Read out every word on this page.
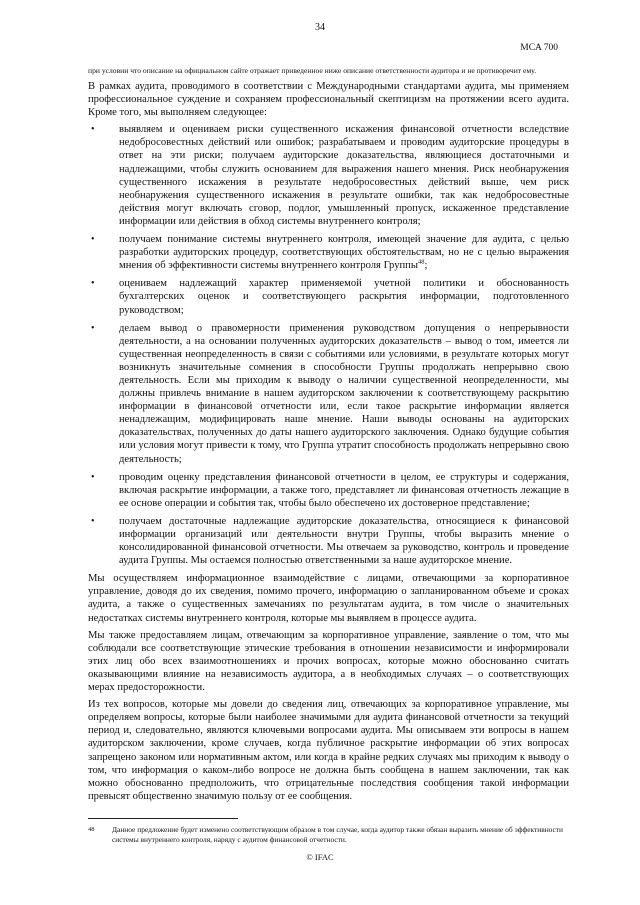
34
MCA 700

при условии что описание на официальном сайте отражает приведенное ниже описание ответственности аудитора и не противоречит ему.

В рамках аудита, проводимого в соответствии с Международными стандартами аудита, мы применяем профессиональное суждение и сохраняем профессиональный скептицизм на протяжении всего аудита. Кроме того, мы выполняем следующее:

• выявляем и оцениваем риски существенного искажения финансовой отчетности вследствие недобросовестных действий или ошибок; разрабатываем и проводим аудиторские процедуры в ответ на эти риски; получаем аудиторские доказательства, являющиеся достаточными и надлежащими, чтобы служить основанием для выражения нашего мнения. Риск необнаружения существенного искажения в результате недобросовестных действий выше, чем риск необнаружения существенного искажения в результате ошибки, так как недобросовестные действия могут включать сговор, подлог, умышленный пропуск, искаженное представление информации или действия в обход системы внутреннего контроля;
• получаем понимание системы внутреннего контроля, имеющей значение для аудита, с целью разработки аудиторских процедур, соответствующих обстоятельствам, но не с целью выражения мнения об эффективности системы внутреннего контроля Группы$^{48}$;
• оцениваем надлежащий характер применяемой учетной политики и обоснованность бухгалтерских оценок и соответствующего раскрытия информации, подготовленного руководством;
• делаем вывод о правомерности применения руководством допущения о непрерывности деятельности, а на основании полученных аудиторских доказательств – вывод о том, имеется ли существенная неопределенность в связи с событиями или условиями, в результате которых могут возникнуть значительные сомнения в способности Группы продолжать непрерывно свою деятельность. Если мы приходим к выводу о наличии существенной неопределенности, мы должны привлечь внимание в нашем аудиторском заключении к соответствующему раскрытию информации в финансовой отчетности или, если такое раскрытие информации является ненадлежащим, модифицировать наше мнение. Наши выводы основаны на аудиторских доказательствах, полученных до даты нашего аудиторского заключения. Однако будущие события или условия могут привести к тому, что Группа утратит способность продолжать непрерывно свою деятельность;
• проводим оценку представления финансовой отчетности в целом, ее структуры и содержания, включая раскрытие информации, а также того, представляет ли финансовая отчетность лежащие в ее основе операции и события так, чтобы было обеспечено их достоверное представление;
• получаем достаточные надлежащие аудиторские доказательства, относящиеся к финансовой информации организаций или деятельности внутри Группы, чтобы выразить мнение о консолидированной финансовой отчетности. Мы отвечаем за руководство, контроль и проведение аудита Группы. Мы остаемся полностью ответственными за наше аудиторское мнение.

Мы осуществляем информационное взаимодействие с лицами, отвечающими за корпоративное управление, доводя до их сведения, помимо прочего, информацию о запланированном объеме и сроках аудита, а также о существенных замечаниях по результатам аудита, в том числе о значительных недостатках системы внутреннего контроля, которые мы выявляем в процессе аудита.

Мы также предоставляем лицам, отвечающим за корпоративное управление, заявление о том, что мы соблюдали все соответствующие этические требования в отношении независимости и информировали этих лиц обо всех взаимоотношениях и прочих вопросах, которые можно обоснованно считать оказывающими влияние на независимость аудитора, а в необходимых случаях – о соответствующих мерах предосторожности.

Из тех вопросов, которые мы довели до сведения лиц, отвечающих за корпоративное управление, мы определяем вопросы, которые были наиболее значимыми для аудита финансовой отчетности за текущий период и, следовательно, являются ключевыми вопросами аудита. Мы описываем эти вопросы в нашем аудиторском заключении, кроме случаев, когда публичное раскрытие информации об этих вопросах запрещено законом или нормативным актом, или когда в крайне редких случаях мы приходим к выводу о том, что информация о каком-либо вопросе не должна быть сообщена в нашем заключении, так как можно обоснованно предположить, что отрицательные последствия сообщения такой информации превысят общественно значимую пользу от ее сообщения.

48	Данное предложение будет изменено соответствующим образом в том случае, когда аудитор также обязан выразить мнение об эффективности системы внутреннего контроля, наряду с аудитом финансовой отчетности.
© IFAC
